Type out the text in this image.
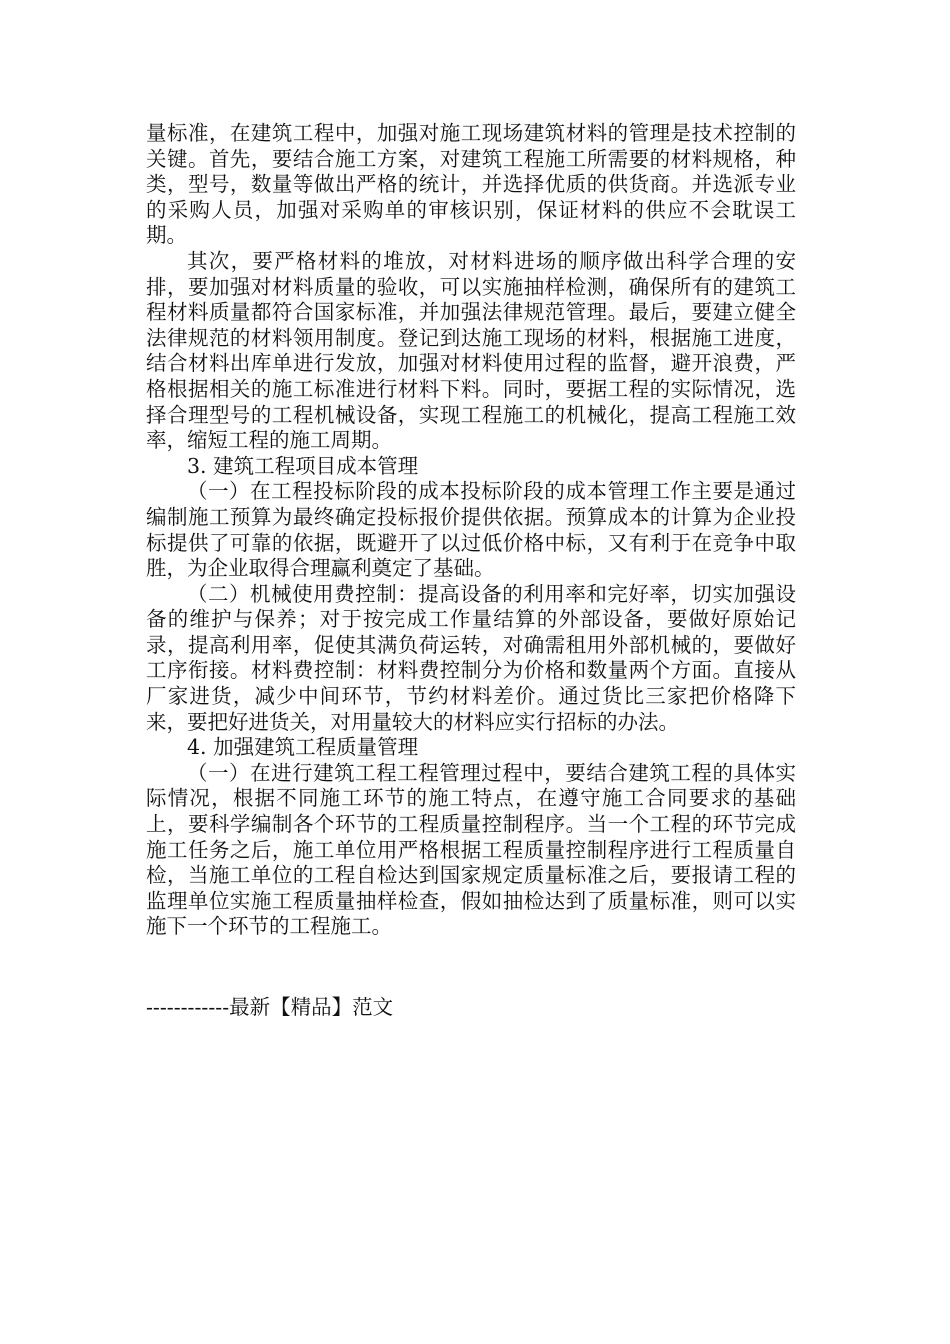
量标准，在建筑工程中，加强对施工现场建筑材料的管理是技术控制的关键。首先，要结合施工方案，对建筑工程施工所需要的材料规格，种类，型号，数量等做出严格的统计，并选择优质的供货商。并选派专业的采购人员，加强对采购单的审核识别，保证材料的供应不会耽误工期。

其次，要严格材料的堆放，对材料进场的顺序做出科学合理的安排，要加强对材料质量的验收，可以实施抽样检测，确保所有的建筑工程材料质量都符合国家标准，并加强法律规范管理。最后，要建立健全法律规范的材料领用制度。登记到达施工现场的材料，根据施工进度，结合材料出库单进行发放，加强对材料使用过程的监督，避开浪费，严格根据相关的施工标准进行材料下料。同时，要据工程的实际情况，选择合理型号的工程机械设备，实现工程施工的机械化，提高工程施工效率，缩短工程的施工周期。

3. 建筑工程项目成本管理

（一）在工程投标阶段的成本投标阶段的成本管理工作主要是通过编制施工预算为最终确定投标报价提供依据。预算成本的计算为企业投标提供了可靠的依据，既避开了以过低价格中标，又有利于在竞争中取胜，为企业取得合理赢利奠定了基础。

（二）机械使用费控制：提高设备的利用率和完好率，切实加强设备的维护与保养；对于按完成工作量结算的外部设备，要做好原始记录，提高利用率，促使其满负荷运转，对确需租用外部机械的，要做好工序衔接。材料费控制：材料费控制分为价格和数量两个方面。直接从厂家进货，减少中间环节，节约材料差价。通过货比三家把价格降下来，要把好进货关，对用量较大的材料应实行招标的办法。

4. 加强建筑工程质量管理

（一）在进行建筑工程工程管理过程中，要结合建筑工程的具体实际情况，根据不同施工环节的施工特点，在遵守施工合同要求的基础上，要科学编制各个环节的工程质量控制程序。当一个工程的环节完成施工任务之后，施工单位用严格根据工程质量控制程序进行工程质量自检，当施工单位的工程自检达到国家规定质量标准之后，要报请工程的监理单位实施工程质量抽样检查，假如抽检达到了质量标准，则可以实施下一个环节的工程施工。

------------最新【精品】范文
